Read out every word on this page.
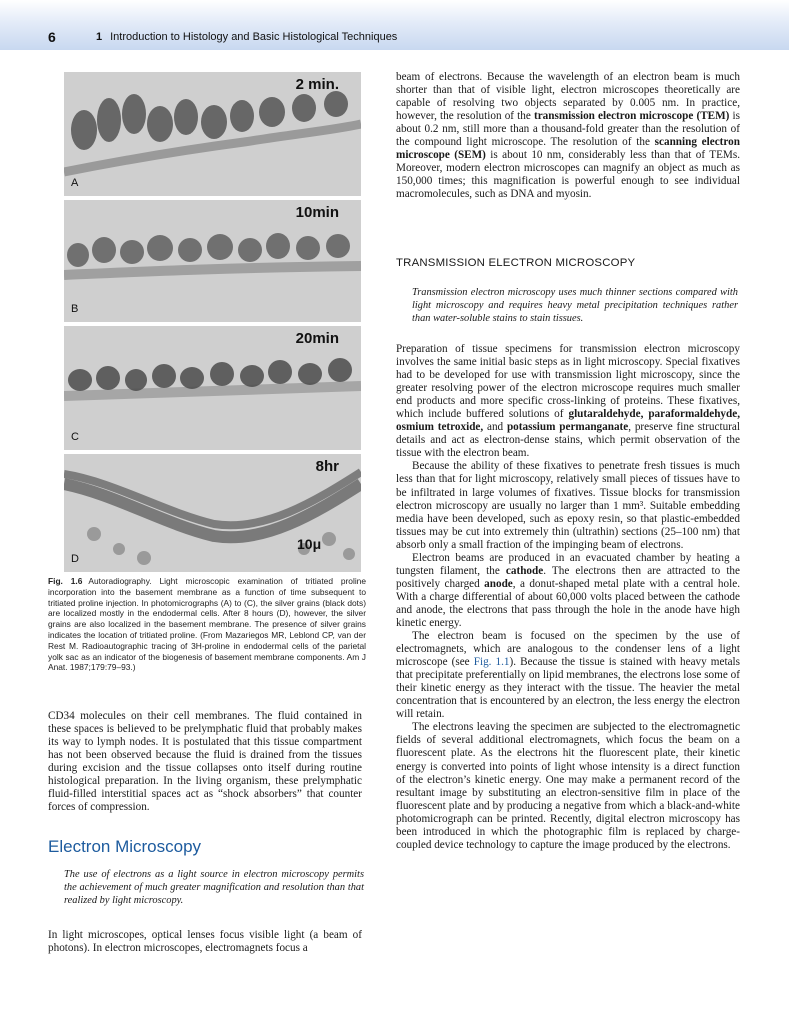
6	1 Introduction to Histology and Basic Histological Techniques
2 min.
A
10min
B
20min
C
8hr
10μ
D
Fig. 1.6 Autoradiography. Light microscopic examination of tritiated proline incorporation into the basement membrane as a function of time subsequent to tritiated proline injection. In photomicrographs (A) to (C), the silver grains (black dots) are localized mostly in the endodermal cells. After 8 hours (D), however, the silver grains are also localized in the basement membrane. The presence of silver grains indicates the location of tritiated proline. (From Mazariegos MR, Leblond CP, van der Rest M. Radioautographic tracing of 3H-proline in endodermal cells of the parietal yolk sac as an indicator of the biogenesis of basement membrane components. Am J Anat. 1987;179:79–93.)

CD34 molecules on their cell membranes. The fluid contained in these spaces is believed to be prelymphatic fluid that probably makes its way to lymph nodes. It is postulated that this tissue compartment has not been observed because the fluid is drained from the tissues during excision and the tissue collapses onto itself during routine histological preparation. In the living organism, these prelymphatic fluid-filled interstitial spaces act as “shock absorbers” that counter forces of compression.

Electron Microscopy

The use of electrons as a light source in electron microscopy permits the achievement of much greater magnification and resolution than that realized by light microscopy.

In light microscopes, optical lenses focus visible light (a beam of photons). In electron microscopes, electromagnets focus a

beam of electrons. Because the wavelength of an electron beam is much shorter than that of visible light, electron microscopes theoretically are capable of resolving two objects separated by 0.005 nm. In practice, however, the resolution of the transmission electron microscope (TEM) is about 0.2 nm, still more than a thousand-fold greater than the resolution of the compound light microscope. The resolution of the scanning electron microscope (SEM) is about 10 nm, considerably less than that of TEMs. Moreover, modern electron microscopes can magnify an object as much as 150,000 times; this magnification is powerful enough to see individual macromolecules, such as DNA and myosin.

TRANSMISSION ELECTRON MICROSCOPY

Transmission electron microscopy uses much thinner sections compared with light microscopy and requires heavy metal precipitation techniques rather than water-soluble stains to stain tissues.

Preparation of tissue specimens for transmission electron microscopy involves the same initial basic steps as in light microscopy. Special fixatives had to be developed for use with transmission light microscopy, since the greater resolving power of the electron microscope requires much smaller end products and more specific cross-linking of proteins. These fixatives, which include buffered solutions of glutaraldehyde, paraformaldehyde, osmium tetroxide, and potassium permanganate, preserve fine structural details and act as electron-dense stains, which permit observation of the tissue with the electron beam.

Because the ability of these fixatives to penetrate fresh tissues is much less than that for light microscopy, relatively small pieces of tissues have to be infiltrated in large volumes of fixatives. Tissue blocks for transmission electron microscopy are usually no larger than 1 mm³. Suitable embedding media have been developed, such as epoxy resin, so that plastic-embedded tissues may be cut into extremely thin (ultrathin) sections (25–100 nm) that absorb only a small fraction of the impinging beam of electrons.

Electron beams are produced in an evacuated chamber by heating a tungsten filament, the cathode. The electrons then are attracted to the positively charged anode, a donut-shaped metal plate with a central hole. With a charge differential of about 60,000 volts placed between the cathode and anode, the electrons that pass through the hole in the anode have high kinetic energy.

The electron beam is focused on the specimen by the use of electromagnets, which are analogous to the condenser lens of a light microscope (see Fig. 1.1). Because the tissue is stained with heavy metals that precipitate preferentially on lipid membranes, the electrons lose some of their kinetic energy as they interact with the tissue. The heavier the metal concentration that is encountered by an electron, the less energy the electron will retain.

The electrons leaving the specimen are subjected to the electromagnetic fields of several additional electromagnets, which focus the beam on a fluorescent plate. As the electrons hit the fluorescent plate, their kinetic energy is converted into points of light whose intensity is a direct function of the electron’s kinetic energy. One may make a permanent record of the resultant image by substituting an electron-sensitive film in place of the fluorescent plate and by producing a negative from which a black-and-white photomicrograph can be printed. Recently, digital electron microscopy has been introduced in which the photographic film is replaced by charge-coupled device technology to capture the image produced by the electrons.
